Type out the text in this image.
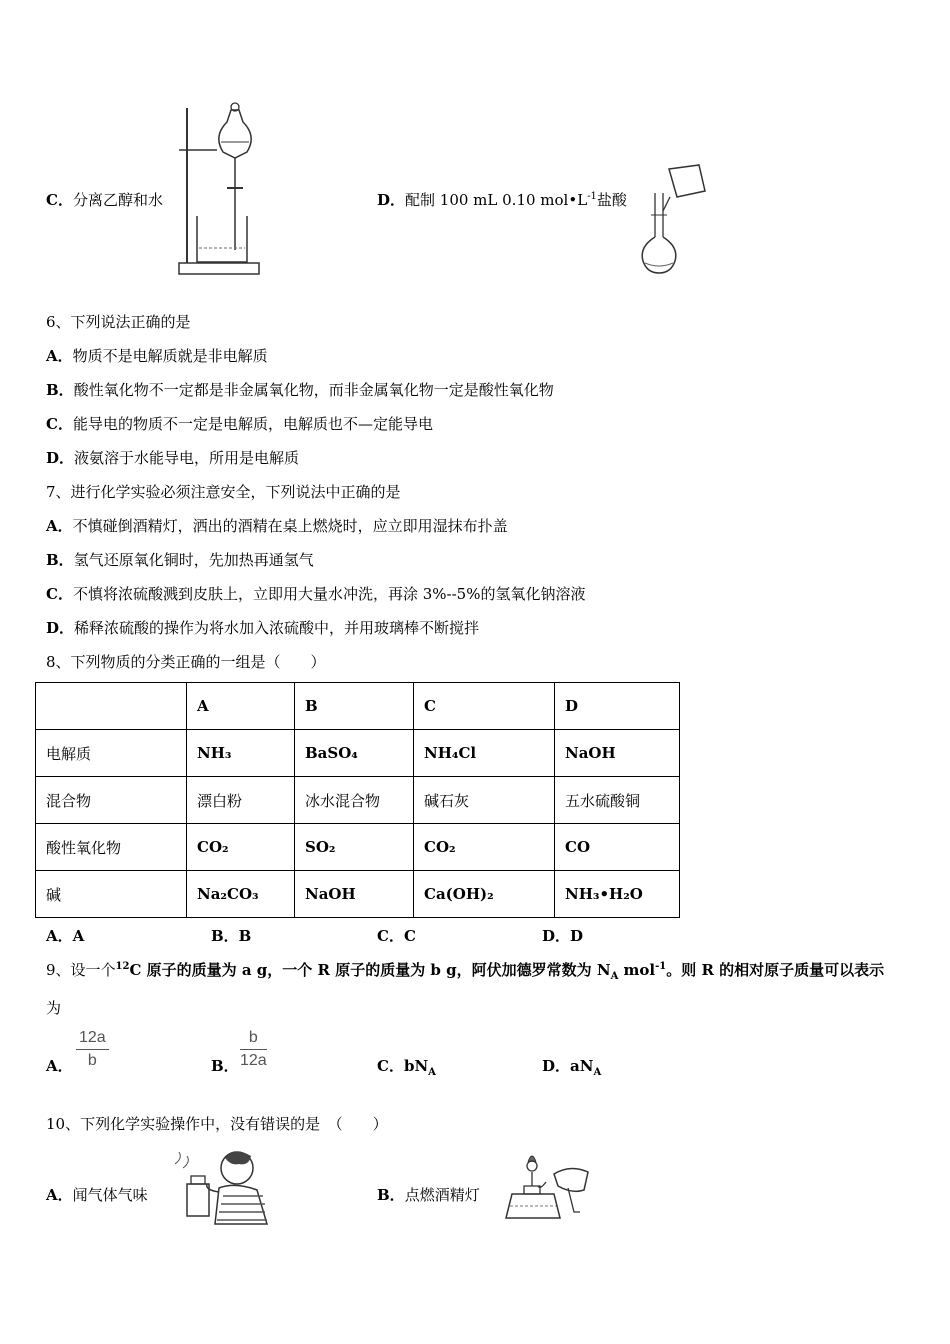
C．分离乙醇和水	D．配制 100 mL 0.10 $mol•L^{-1}$盐酸
6、下列说法正确的是
A．物质不是电解质就是非电解质
B．酸性氧化物不一定都是非金属氧化物，而非金属氧化物一定是酸性氧化物
C．能导电的物质不一定是电解质，电解质也不—定能导电
D．液氨溶于水能导电，所用是电解质
7、进行化学实验必须注意安全，下列说法中正确的是
A．不慎碰倒酒精灯，洒出的酒精在桌上燃烧时，应立即用湿抹布扑盖
B．氢气还原氧化铜时，先加热再通氢气
C．不慎将浓硫酸溅到皮肤上，立即用大量水冲洗，再涂 3%--5%的氢氧化钠溶液
D．稀释浓硫酸的操作为将水加入浓硫酸中，并用玻璃棒不断搅拌
8、下列物质的分类正确的一组是（　　）
	A	B	C	D
电解质	NH₃	BaSO₄	NH₄Cl	NaOH
混合物	漂白粉	冰水混合物	碱石灰	五水硫酸铜
酸性氧化物	CO₂	SO₂	CO₂	CO
碱	Na₂CO₃	NaOH	Ca(OH)₂	NH₃•H₂O
A．A	B．B	C．C	D．D
9、设一个$^{12}$C 原子的质量为 a g，一个 R 原子的质量为 b g，阿伏加德罗常数为 $N_A$ mol$^{-1}$。则 R 的相对原子质量可以表示
为
A． $\frac{12a}{b}$	B． $\frac{b}{12a}$	C．$bN_A$	D．$aN_A$
10、下列化学实验操作中，没有错误的是　（　　）
A．闻气体气味	B．点燃酒精灯
